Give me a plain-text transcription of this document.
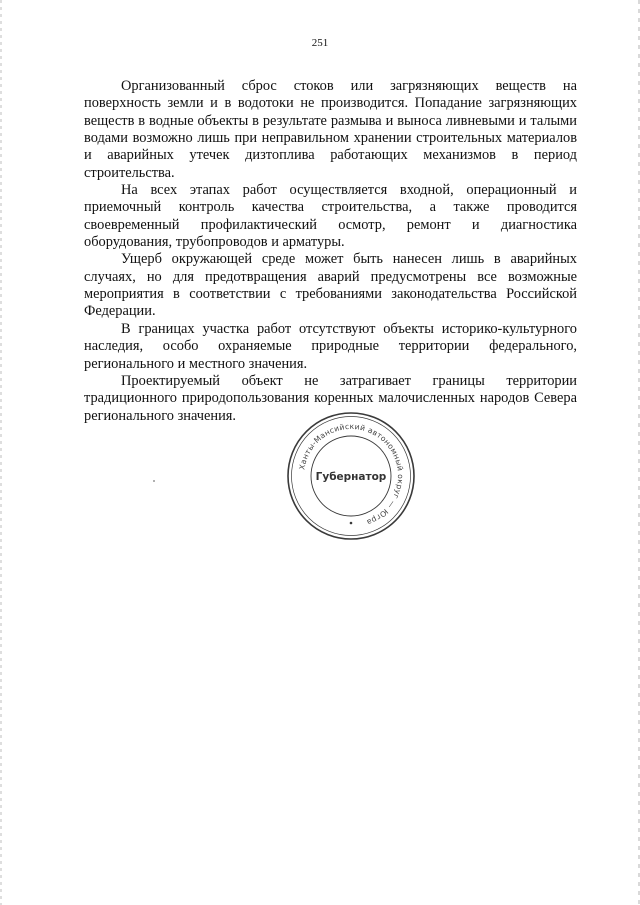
251

Организованный сброс стоков или загрязняющих веществ на поверхность земли и в водотоки не производится. Попадание загрязняющих веществ в водные объекты в результате размыва и выноса ливневыми и талыми водами возможно лишь при неправильном хранении строительных материалов и аварийных утечек дизтоплива работающих механизмов в период строительства.

На всех этапах работ осуществляется входной, операционный и приемочный контроль качества строительства, а также проводится своевременный профилактический осмотр, ремонт и диагностика оборудования, трубопроводов и арматуры.

Ущерб окружающей среде может быть нанесен лишь в аварийных случаях, но для предотвращения аварий предусмотрены все возможные мероприятия в соответствии с требованиями законодательства Российской Федерации.

В границах участка работ отсутствуют объекты историко-культурного наследия, особо охраняемые природные территории федерального, регионального и местного значения.

Проектируемый объект не затрагивает границы территории традиционного природопользования коренных малочисленных народов Севера регионального значения.

Ханты-Мансийский автономный округ — Югра
Губернатор
